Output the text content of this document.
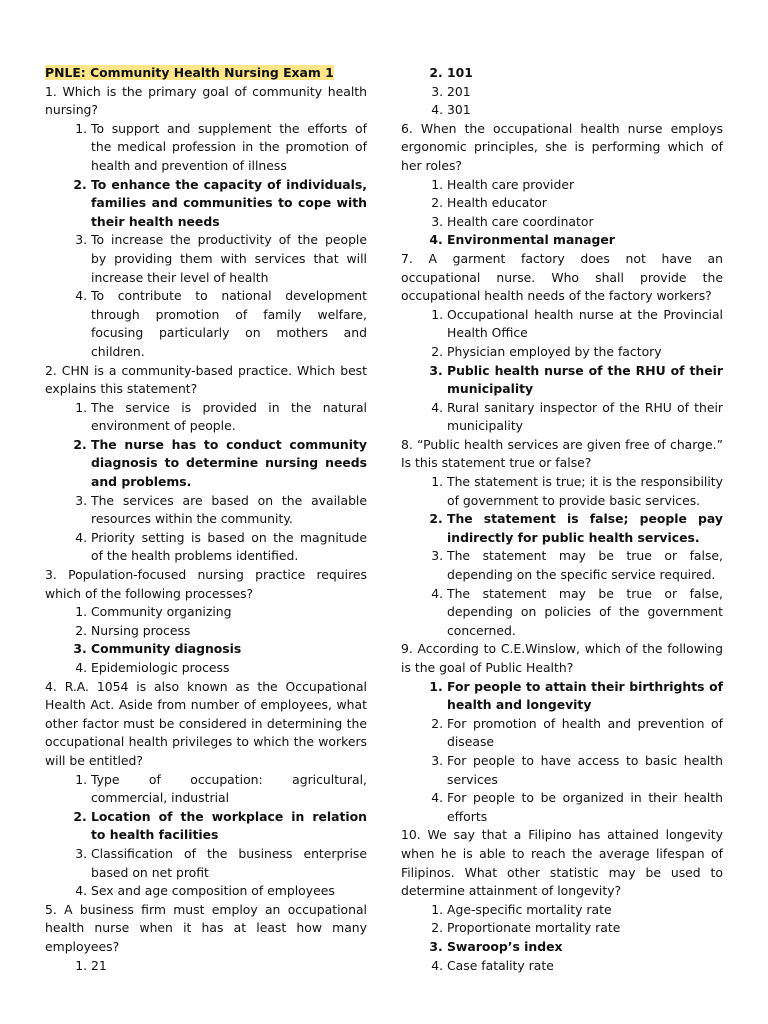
PNLE: Community Health Nursing Exam 1

1. Which is the primary goal of community health nursing?

1. To support and supplement the efforts of the medical profession in the promotion of health and prevention of illness
2. To enhance the capacity of individuals, families and communities to cope with their health needs
3. To increase the productivity of the people by providing them with services that will increase their level of health
4. To contribute to national development through promotion of family welfare, focusing particularly on mothers and children.

2. CHN is a community-based practice. Which best explains this statement?

1. The service is provided in the natural environment of people.
2. The nurse has to conduct community diagnosis to determine nursing needs and problems.
3. The services are based on the available resources within the community.
4. Priority setting is based on the magnitude of the health problems identified.

3. Population-focused nursing practice requires which of the following processes?

1. Community organizing
2. Nursing process
3. Community diagnosis
4. Epidemiologic process

4. R.A. 1054 is also known as the Occupational Health Act. Aside from number of employees, what other factor must be considered in determining the occupational health privileges to which the workers will be entitled?

1. Type of occupation: agricultural, commercial, industrial
2. Location of the workplace in relation to health facilities
3. Classification of the business enterprise based on net profit
4. Sex and age composition of employees

5. A business firm must employ an occupational health nurse when it has at least how many employees?

1. 21
2. 101
3. 201
4. 301

6. When the occupational health nurse employs ergonomic principles, she is performing which of her roles?

1. Health care provider
2. Health educator
3. Health care coordinator
4. Environmental manager

7. A garment factory does not have an occupational nurse. Who shall provide the occupational health needs of the factory workers?

1. Occupational health nurse at the Provincial Health Office
2. Physician employed by the factory
3. Public health nurse of the RHU of their municipality
4. Rural sanitary inspector of the RHU of their municipality

8. “Public health services are given free of charge.” Is this statement true or false?

1. The statement is true; it is the responsibility of government to provide basic services.
2. The statement is false; people pay indirectly for public health services.
3. The statement may be true or false, depending on the specific service required.
4. The statement may be true or false, depending on policies of the government concerned.

9. According to C.E.Winslow, which of the following is the goal of Public Health?

1. For people to attain their birthrights of health and longevity
2. For promotion of health and prevention of disease
3. For people to have access to basic health services
4. For people to be organized in their health efforts

10. We say that a Filipino has attained longevity when he is able to reach the average lifespan of Filipinos. What other statistic may be used to determine attainment of longevity?

1. Age-specific mortality rate
2. Proportionate mortality rate
3. Swaroop’s index
4. Case fatality rate
